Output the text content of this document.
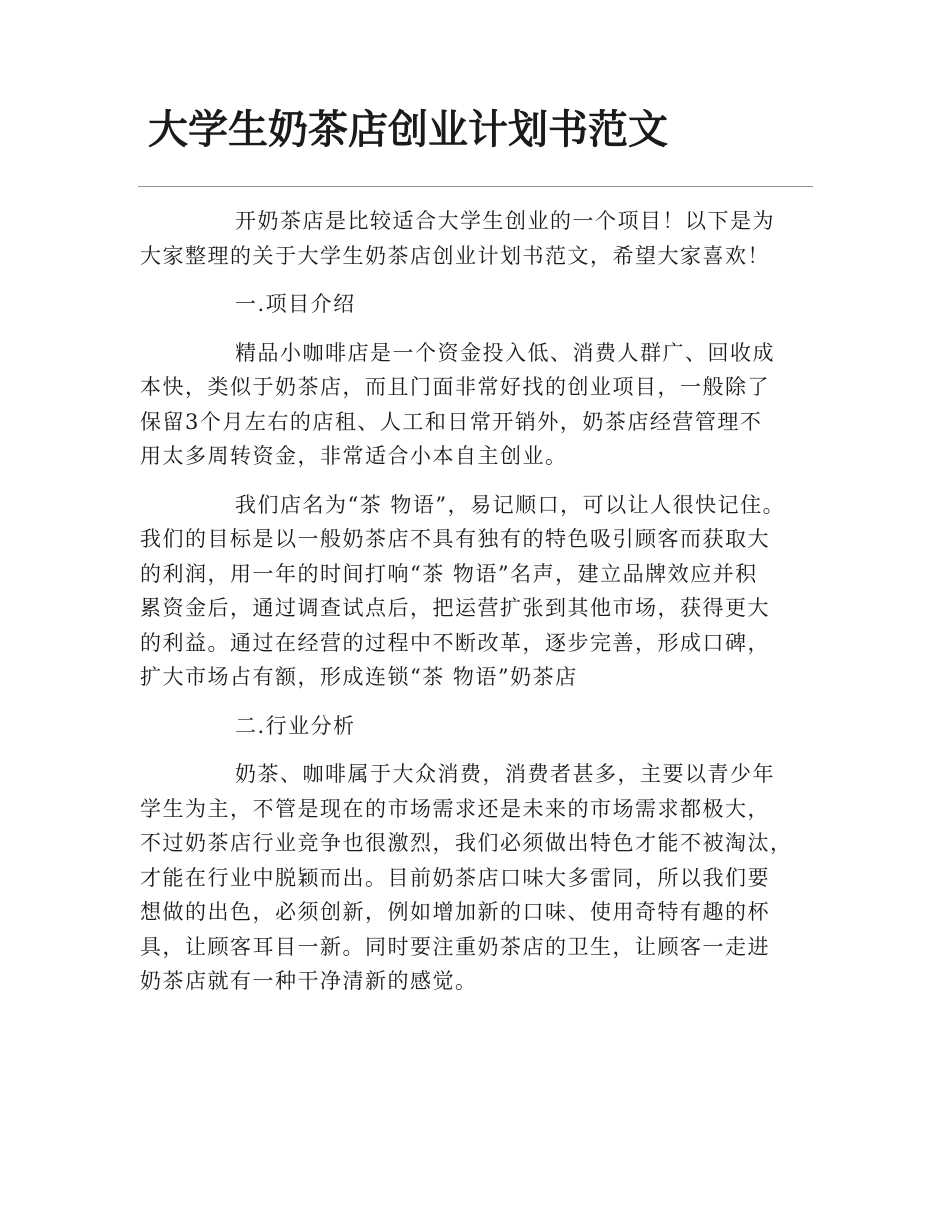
大学生奶茶店创业计划书范文

开奶茶店是比较适合大学生创业的一个项目！以下是为
大家整理的关于大学生奶茶店创业计划书范文，希望大家喜欢！

一.项目介绍

精品小咖啡店是一个资金投入低、消费人群广、回收成
本快，类似于奶茶店，而且门面非常好找的创业项目，一般除了
保留3个月左右的店租、人工和日常开销外，奶茶店经营管理不
用太多周转资金，非常适合小本自主创业。

我们店名为“茶 物语”，易记顺口，可以让人很快记住。
我们的目标是以一般奶茶店不具有独有的特色吸引顾客而获取大
的利润，用一年的时间打响“茶 物语”名声，建立品牌效应并积
累资金后，通过调查试点后，把运营扩张到其他市场，获得更大
的利益。通过在经营的过程中不断改革，逐步完善，形成口碑，
扩大市场占有额，形成连锁“茶 物语”奶茶店

二.行业分析

奶茶、咖啡属于大众消费，消费者甚多，主要以青少年
学生为主，不管是现在的市场需求还是未来的市场需求都极大，
不过奶茶店行业竞争也很激烈，我们必须做出特色才能不被淘汰，
才能在行业中脱颖而出。目前奶茶店口味大多雷同，所以我们要
想做的出色，必须创新，例如增加新的口味、使用奇特有趣的杯
具，让顾客耳目一新。同时要注重奶茶店的卫生，让顾客一走进
奶茶店就有一种干净清新的感觉。
